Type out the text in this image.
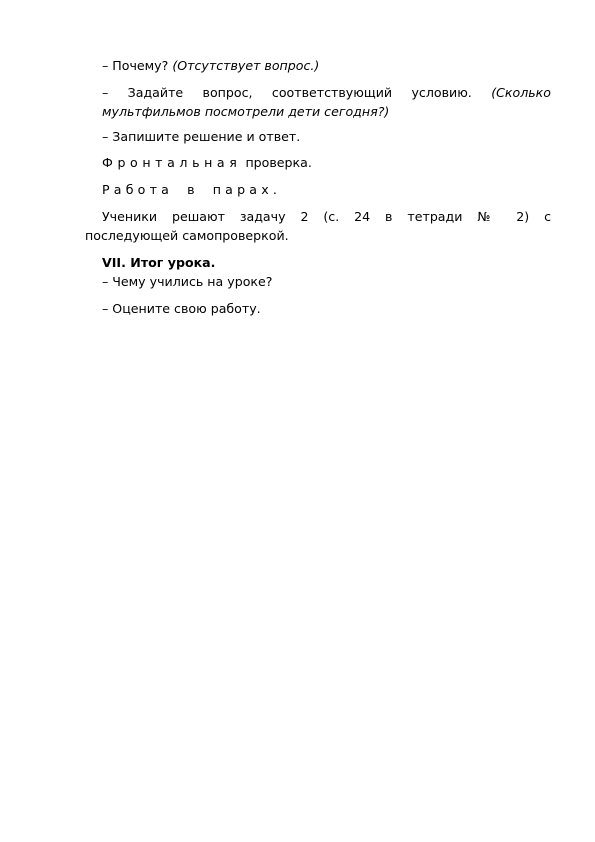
– Почему? (Отсутствует вопрос.)
– Задайте вопрос, соответствующий условию. (Сколько мультфильмов посмотрели дети сегодня?)
– Запишите решение и ответ.
Фронтальная проверка.
Работа в парах.
Ученики решают задачу 2 (с. 24 в тетради № 2) с
последующей самопроверкой.
VII. Итог урока.
– Чему учились на уроке?
– Оцените свою работу.
